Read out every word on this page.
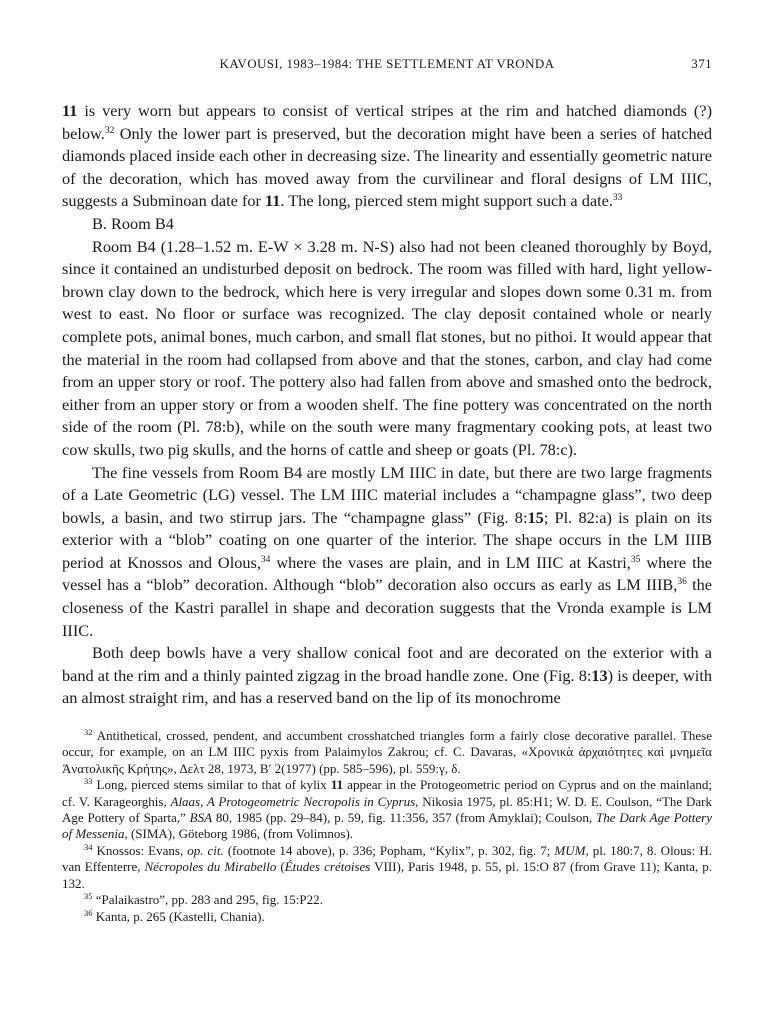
KAVOUSI, 1983–1984: THE SETTLEMENT AT VRONDA	371

11 is very worn but appears to consist of vertical stripes at the rim and hatched diamonds (?) below.$^{32}$ Only the lower part is preserved, but the decoration might have been a series of hatched diamonds placed inside each other in decreasing size. The linearity and essentially geometric nature of the decoration, which has moved away from the curvilinear and floral designs of LM IIIC, suggests a Subminoan date for 11. The long, pierced stem might support such a date.$^{33}$

B. Room B4

Room B4 (1.28–1.52 m. E-W × 3.28 m. N-S) also had not been cleaned thoroughly by Boyd, since it contained an undisturbed deposit on bedrock. The room was filled with hard, light yellow-brown clay down to the bedrock, which here is very irregular and slopes down some 0.31 m. from west to east. No floor or surface was recognized. The clay deposit contained whole or nearly complete pots, animal bones, much carbon, and small flat stones, but no pithoi. It would appear that the material in the room had collapsed from above and that the stones, carbon, and clay had come from an upper story or roof. The pottery also had fallen from above and smashed onto the bedrock, either from an upper story or from a wooden shelf. The fine pottery was concentrated on the north side of the room (Pl. 78:b), while on the south were many fragmentary cooking pots, at least two cow skulls, two pig skulls, and the horns of cattle and sheep or goats (Pl. 78:c).

The fine vessels from Room B4 are mostly LM IIIC in date, but there are two large fragments of a Late Geometric (LG) vessel. The LM IIIC material includes a “champagne glass”, two deep bowls, a basin, and two stirrup jars. The “champagne glass” (Fig. 8:15; Pl. 82:a) is plain on its exterior with a “blob” coating on one quarter of the interior. The shape occurs in the LM IIIB period at Knossos and Olous,$^{34}$ where the vases are plain, and in LM IIIC at Kastri,$^{35}$ where the vessel has a “blob” decoration. Although “blob” decoration also occurs as early as LM IIIB,$^{36}$ the closeness of the Kastri parallel in shape and decoration suggests that the Vronda example is LM IIIC.

Both deep bowls have a very shallow conical foot and are decorated on the exterior with a band at the rim and a thinly painted zigzag in the broad handle zone. One (Fig. 8:13) is deeper, with an almost straight rim, and has a reserved band on the lip of its monochrome

$^{32}$ Antithetical, crossed, pendent, and accumbent crosshatched triangles form a fairly close decorative parallel. These occur, for example, on an LM IIIC pyxis from Palaimylos Zakrou; cf. C. Davaras, «Χρονικὰ ἀρχαιότητες καὶ μνημεῖα Ἀνατολικῆς Κρήτης», Δελτ 28, 1973, B′ 2(1977) (pp. 585–596), pl. 559:γ, δ.

$^{33}$ Long, pierced stems similar to that of kylix 11 appear in the Protogeometric period on Cyprus and on the mainland; cf. V. Karageorghis, Alaas, A Protogeometric Necropolis in Cyprus, Nikosia 1975, pl. 85:H1; W. D. E. Coulson, “The Dark Age Pottery of Sparta,” BSA 80, 1985 (pp. 29–84), p. 59, fig. 11:356, 357 (from Amyklai); Coulson, The Dark Age Pottery of Messenia, (SIMA), Göteborg 1986, (from Volimnos).

$^{34}$ Knossos: Evans, op. cit. (footnote 14 above), p. 336; Popham, “Kylix”, p. 302, fig. 7; MUM, pl. 180:7, 8. Olous: H. van Effenterre, Nécropoles du Mirabello (Études crétoises VIII), Paris 1948, p. 55, pl. 15:O 87 (from Grave 11); Kanta, p. 132.

$^{35}$ “Palaikastro”, pp. 283 and 295, fig. 15:P22.

$^{36}$ Kanta, p. 265 (Kastelli, Chania).
